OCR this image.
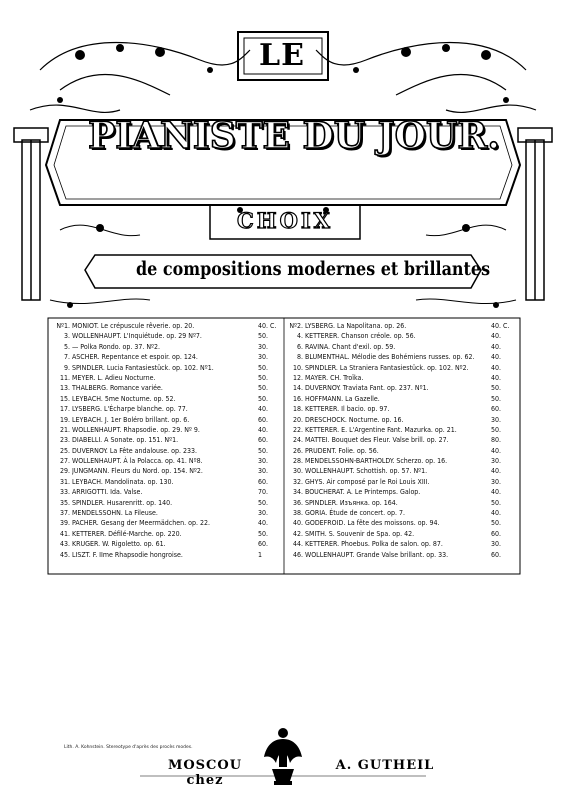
LE
PIANISTE DU JOUR.
CHOIX
de compositions modernes et brillantes
Nº1. MONIOT. Le crépuscule rêverie. op. 20.	40. C.
3. WOLLENHAUPT. L'Inquiétude. op. 29 Nº7.	50.
5. — Polka Rondo. op. 37. Nº2.	30.
7. ASCHER. Repentance et espoir. op. 124.	30.
9. SPINDLER. Lucia Fantasiestück. op. 102. Nº1.	50.
11. MEYER. L. Adieu Nocturne.	50.
13. THALBERG. Romance variée.	50.
15. LEYBACH. 5me Nocturne. op. 52.	50.
17. LYSBERG. L'Écharpe blanche. op. 77.	40.
19. LEYBACH. J. 1er Boléro brillant. op. 6.	60.
21. WOLLENHAUPT. Rhapsodie. op. 29. Nº 9.	40.
23. DIABELLI. A Sonate. op. 151. Nº1.	60.
25. DUVERNOY. La Fête andalouse. op. 233.	50.
27. WOLLENHAUPT. À la Polacca. op. 41. Nº8.	30.
29. JUNGMANN. Fleurs du Nord. op. 154. Nº2.	30.
31. LEYBACH. Mandolinata. op. 130.	60.
33. ARRIGOTTI. Ida. Valse.	70.
35. SPINDLER. Husarenritt. op. 140.	50.
37. MENDELSSOHN. La Fileuse.	30.
39. PACHER. Gesang der Meermädchen. op. 22.	40.
41. KETTERER. Défilé-Marche. op. 220.	50.
43. KRUGER. W. Rigoletto. op. 61.	60.
45. LISZT. F. IIme Rhapsodie hongroise.	1
Nº2. LYSBERG. La Napolitana. op. 26.	40. C.
4. KETTERER. Chanson créole. op. 56.	40.
6. RAVINA. Chant d'exil. op. 59.	40.
8. BLUMENTHAL. Mélodie des Bohémiens russes. op. 62.	40.
10. SPINDLER. La Straniera Fantasiestück. op. 102. Nº2.	40.
12. MAYER. CH. Troïka.	40.
14. DUVERNOY. Traviata Fant. op. 237. Nº1.	50.
16. HOFFMANN. La Gazelle.	50.
18. KETTERER. Il bacio. op. 97.	60.
20. DRESCHOCK. Nocturne. op. 16.	30.
22. KETTERER. E. L'Argentine Fant. Mazurka. op. 21.	50.
24. MATTEI. Bouquet des Fleur. Valse brill. op. 27.	80.
26. PRUDENT. Folie. op. 56.	40.
28. MENDELSSOHN-BARTHOLDY. Scherzo. op. 16.	30.
30. WOLLENHAUPT. Schottish. op. 57. Nº1.	40.
32. GHYS. Air composé par le Roi Louis XIII.	30.
34. BOUCHERAT. A. Le Printemps. Galop.	40.
36. SPINDLER. Изъянка. op. 164.	50.
38. GORIA. Étude de concert. op. 7.	40.
40. GODEFROID. La fête des moissons. op. 94.	50.
42. SMITH. S. Souvenir de Spa. op. 42.	60.
44. KETTERER. Phoebus. Polka de salon. op. 87.	30.
46. WOLLENHAUPT. Grande Valse brillant. op. 33.	60.
Lith. A. Kohnstein. Stereotype d'après des procès modes.
MOSCOU chez
A. GUTHEIL
